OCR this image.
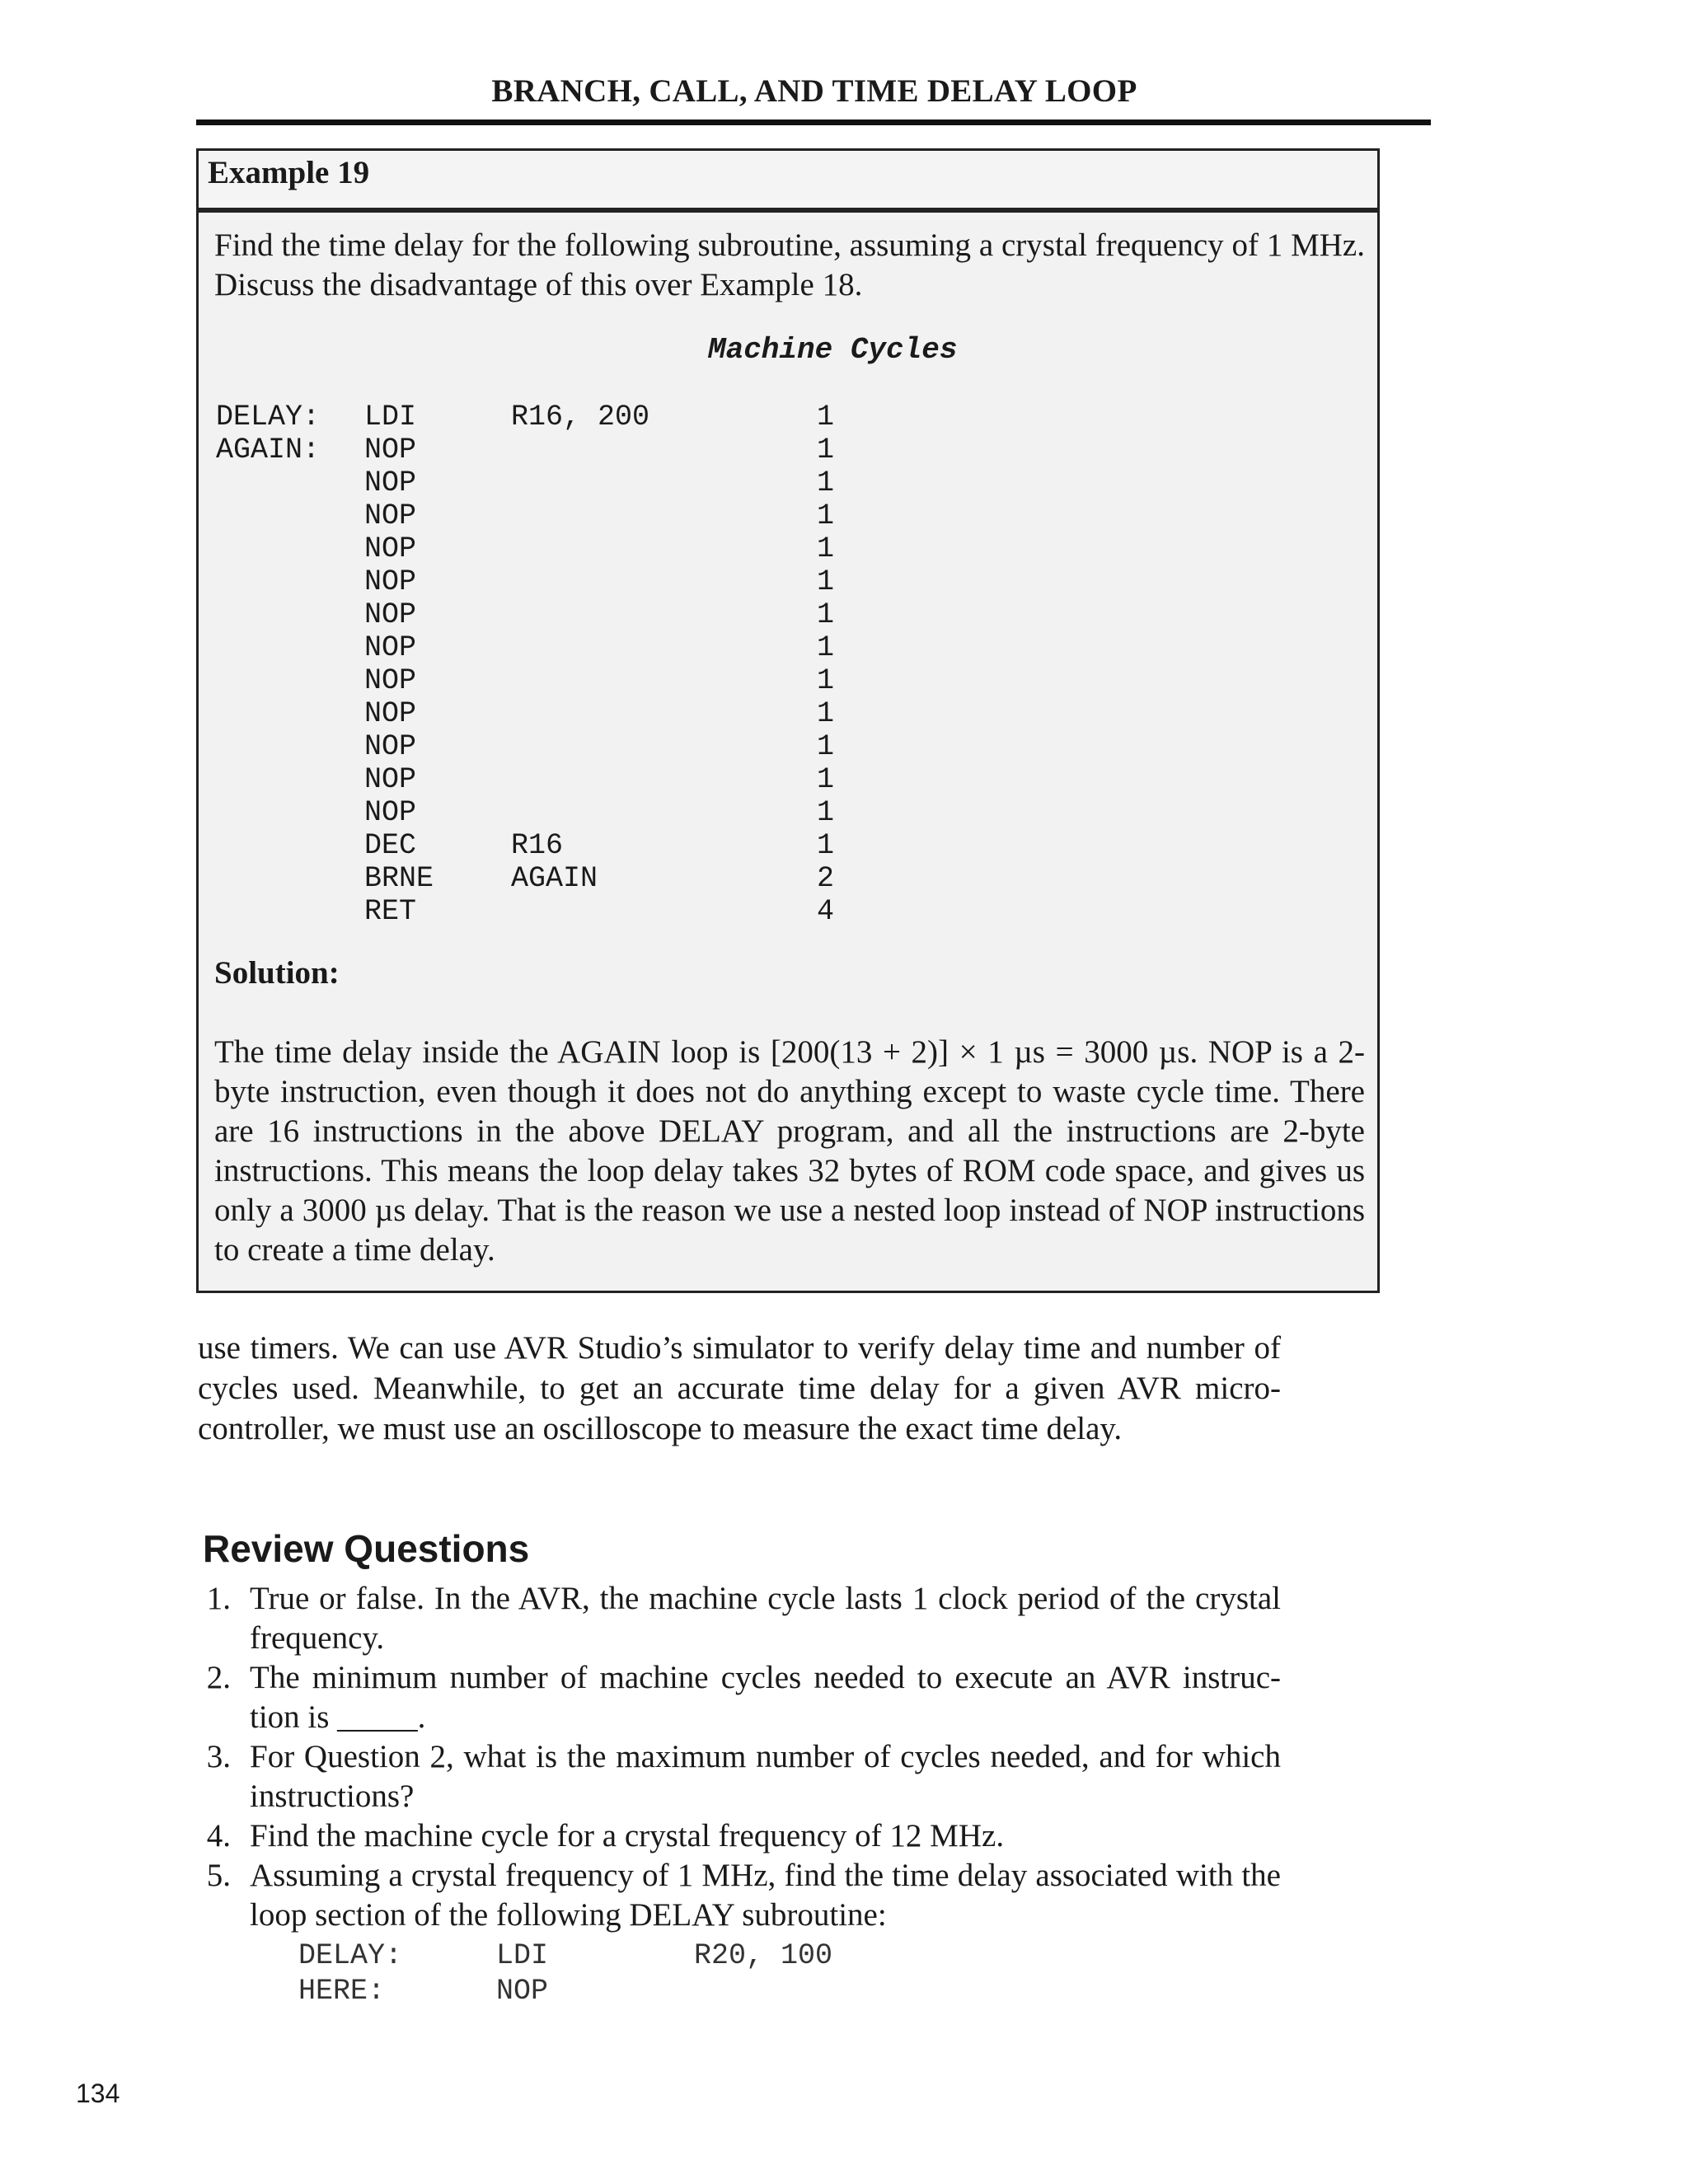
BRANCH, CALL, AND TIME DELAY LOOP
Example 19
Find the time delay for the following subroutine, assuming a crystal frequency of 1 MHz. Discuss the disadvantage of this over Example 18.
Machine Cycles
DELAY: LDI	R16, 200	1
AGAIN: NOP	1
NOP	1
NOP	1
NOP	1
NOP	1
NOP	1
NOP	1
NOP	1
NOP	1
NOP	1
NOP	1
NOP	1
DEC	R16	1
BRNE	AGAIN	2
RET	4
Solution:
The time delay inside the AGAIN loop is [200(13 + 2)] × 1 µs = 3000 µs. NOP is a 2-byte instruction, even though it does not do anything except to waste cycle time. There are 16 instructions in the above DELAY program, and all the instructions are 2-byte instructions. This means the loop delay takes 32 bytes of ROM code space, and gives us only a 3000 µs delay. That is the reason we use a nested loop instead of NOP instructions to create a time delay.
use timers. We can use AVR Studio’s simulator to verify delay time and number of cycles used. Meanwhile, to get an accurate time delay for a given AVR micro-controller, we must use an oscilloscope to measure the exact time delay.
Review Questions
1. True or false. In the AVR, the machine cycle lasts 1 clock period of the crystal frequency.
2. The minimum number of machine cycles needed to execute an AVR instruc-tion is _____.
3. For Question 2, what is the maximum number of cycles needed, and for which instructions?
4. Find the machine cycle for a crystal frequency of 12 MHz.
5. Assuming a crystal frequency of 1 MHz, find the time delay associated with the loop section of the following DELAY subroutine:
DELAY:	LDI	R20, 100
HERE:	NOP
134
